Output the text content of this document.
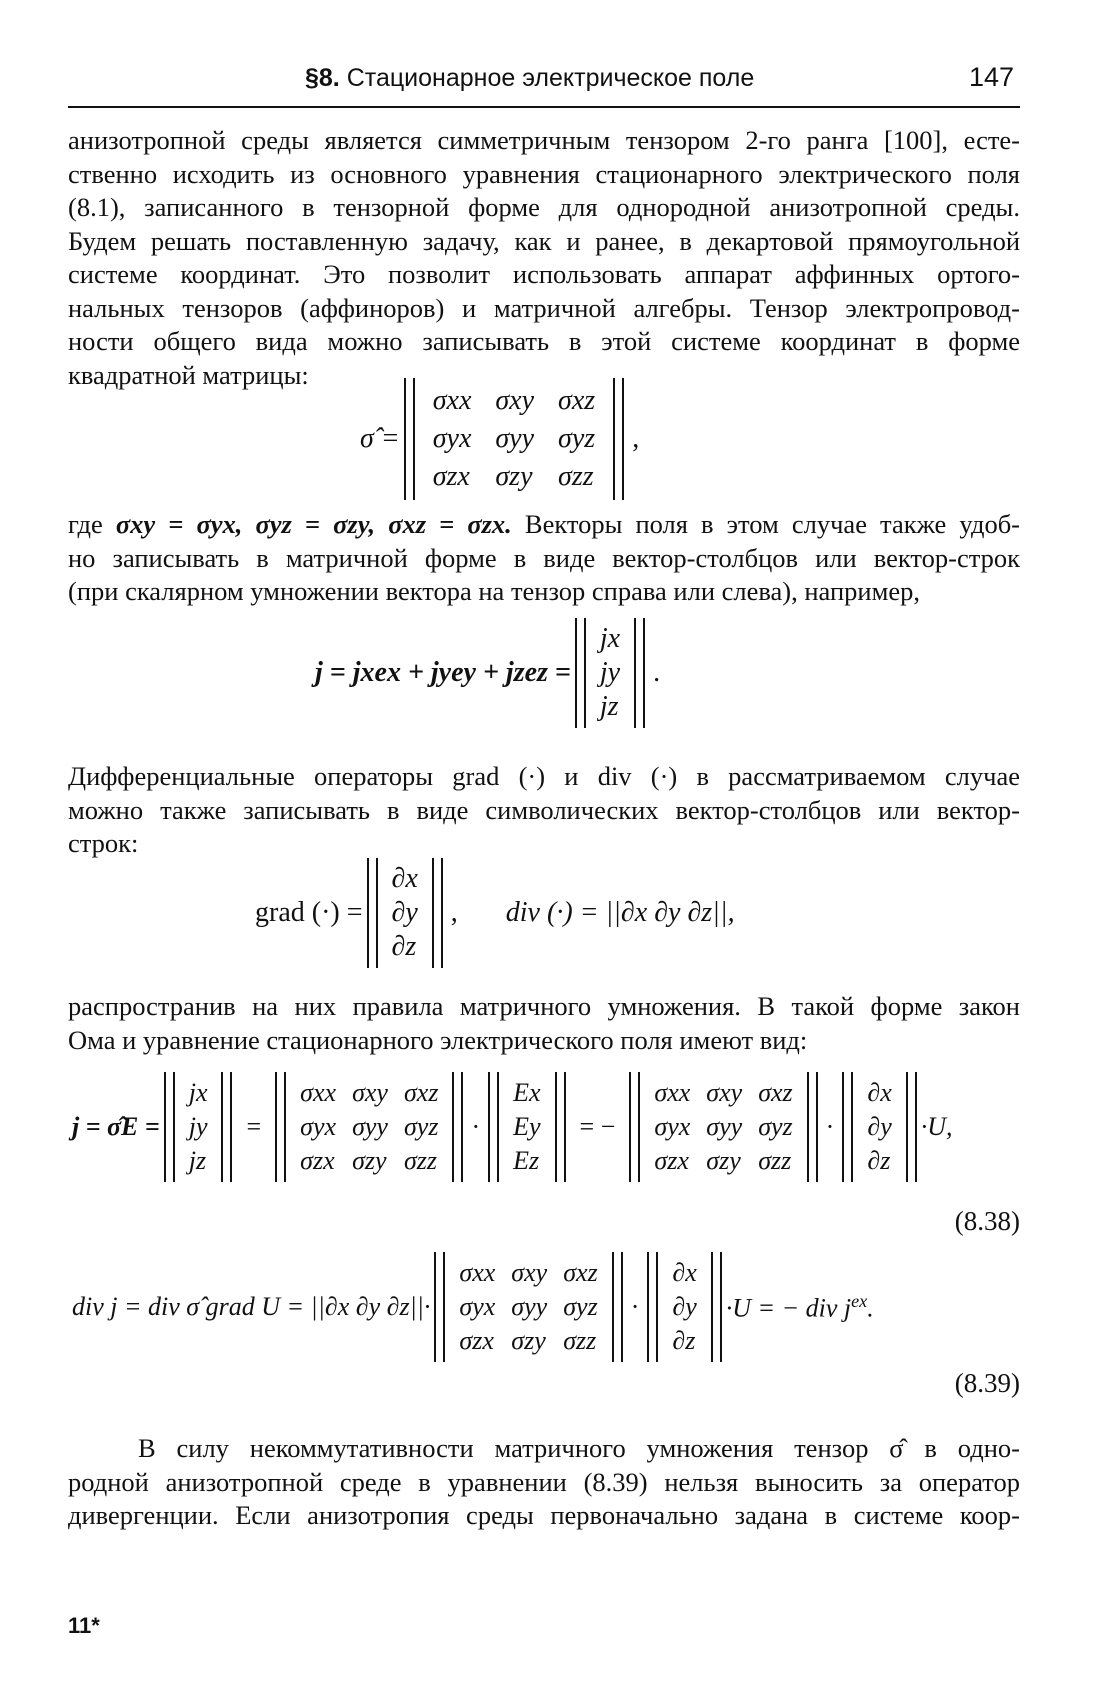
§8. Стационарное электрическое поле	147
анизотропной среды является симметричным тензором 2-го ранга [100], есте-
ственно исходить из основного уравнения стационарного электрического поля
(8.1), записанного в тензорной форме для однородной анизотропной среды.
Будем решать поставленную задачу, как и ранее, в декартовой прямоугольной
системе координат. Это позволит использовать аппарат аффинных ортого-
нальных тензоров (аффиноров) и матричной алгебры. Тензор электропровод-
ности общего вида можно записывать в этой системе координат в форме
квадратной матрицы:
σ̂ =
σxx σxy σxz
σyx σyy σyz
σzx σzy σzz
,
где σxy = σyx, σyz = σzy, σxz = σzx. Векторы поля в этом случае также удоб-
но записывать в матричной форме в виде вектор-столбцов или вектор-строк
(при скалярном умножении вектора на тензор справа или слева), например,
j = jxex + jyey + jzez =
jx
jy
jz
.
Дифференциальные операторы grad (·) и div (·) в рассматриваемом случае
можно также записывать в виде символических вектор-столбцов или вектор-
строк:
grad (·) =
∂x
∂y
∂z
, div (·) = ||∂x ∂y ∂z||,
распространив на них правила матричного умножения. В такой форме закон
Ома и уравнение стационарного электрического поля имеют вид:
j = σ̂E =
jx
jy
jz
=
σxx σxy σxz
σyx σyy σyz
σzx σzy σzz
·
Ex
Ey
Ez
= −
σxx σxy σxz
σyx σyy σyz
σzx σzy σzz
·
∂x
∂y
∂z
·U,
(8.38)
div j = div σ̂ grad U = ||∂x ∂y ∂z||·
σxx σxy σxz
σyx σyy σyz
σzx σzy σzz
·
∂x
∂y
∂z
·U = − div $j^{ex}$.
(8.39)
В силу некоммутативности матричного умножения тензор σ̂ в одно-
родной анизотропной среде в уравнении (8.39) нельзя выносить за оператор
дивергенции. Если анизотропия среды первоначально задана в системе коор-
11*
